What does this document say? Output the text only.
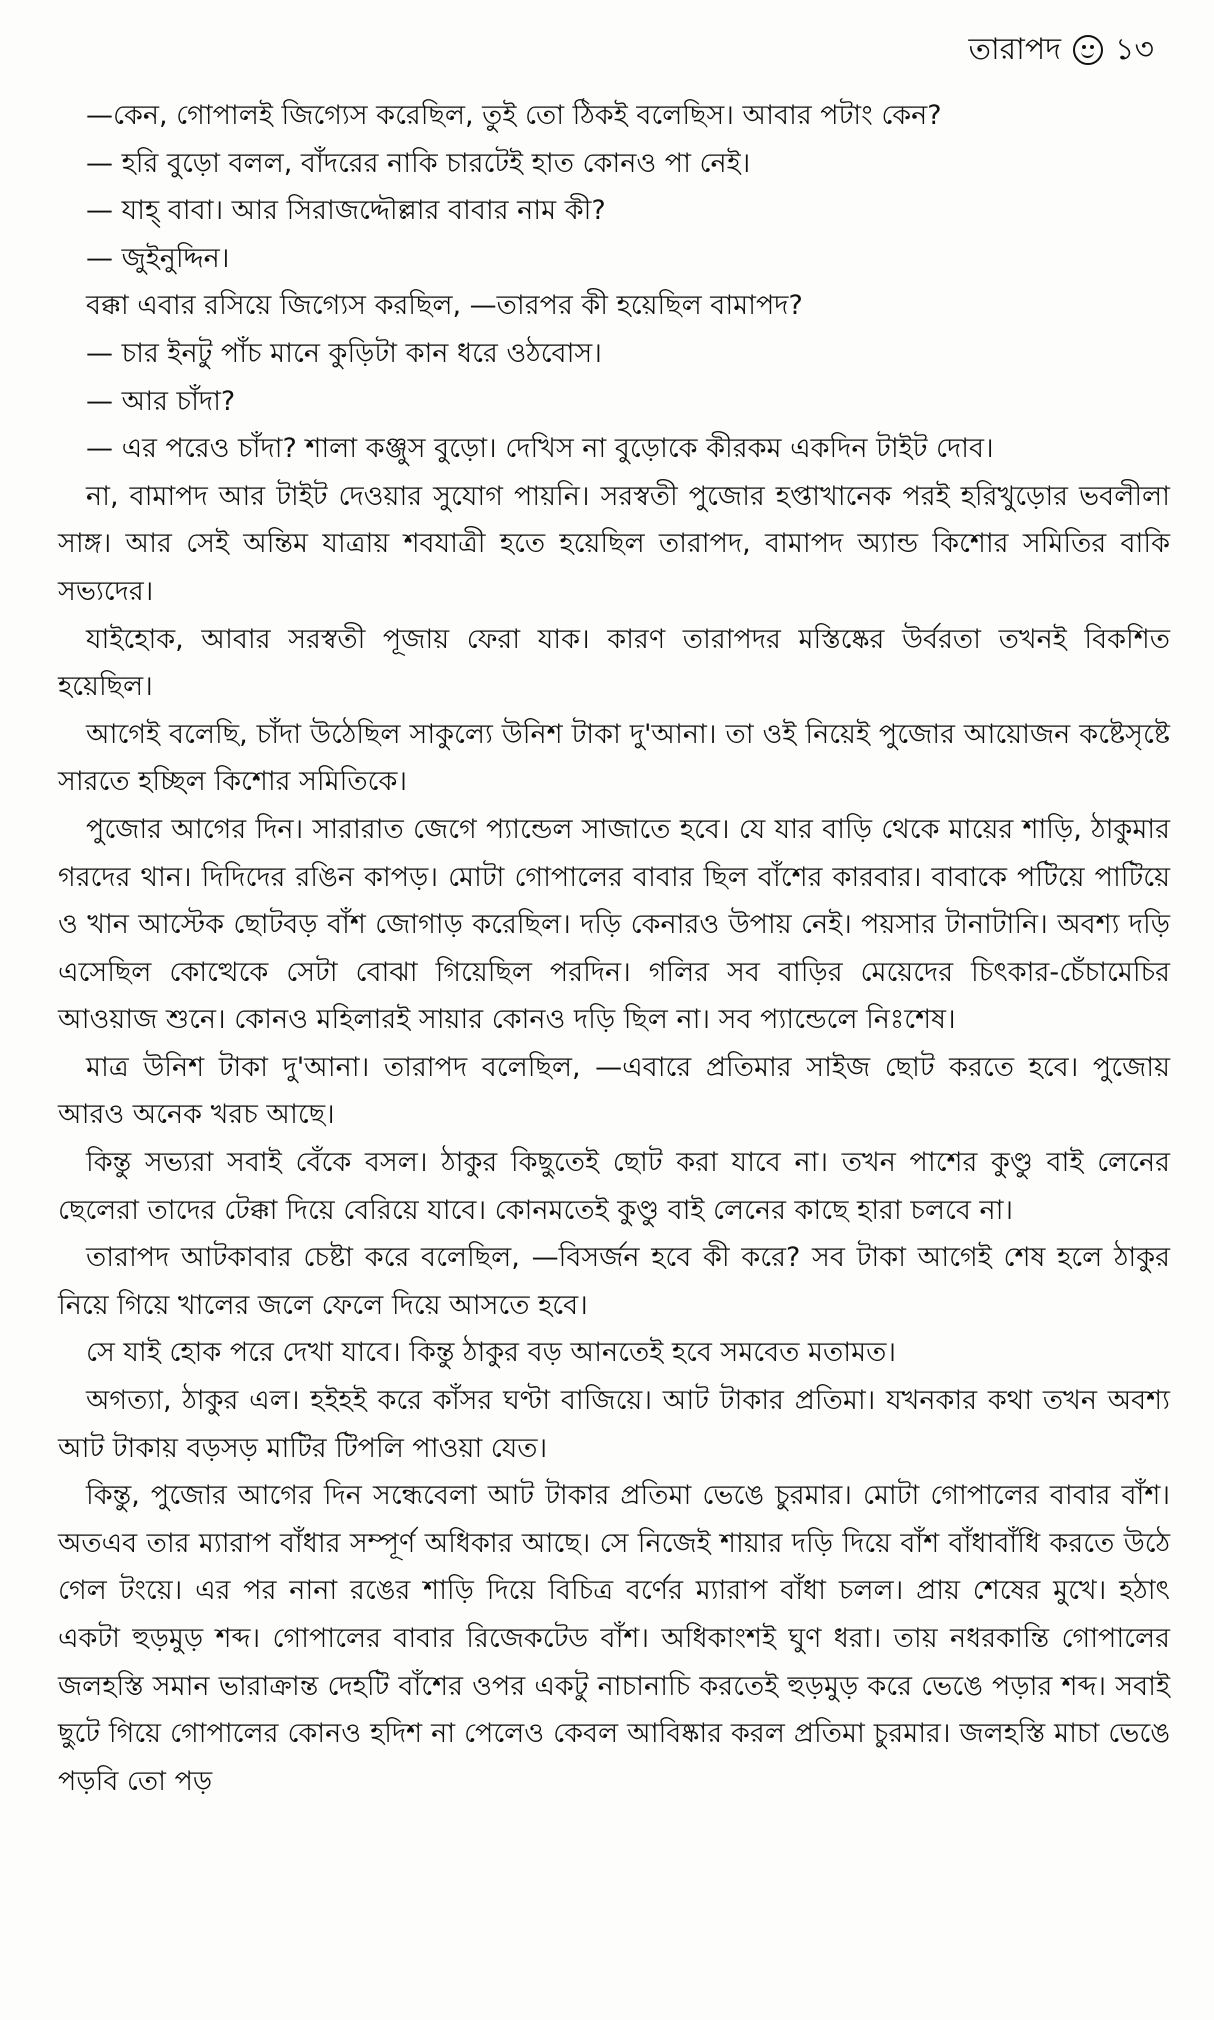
তারাপদ ১৩

—কেন, গোপালই জিগ্যেস করেছিল, তুই তো ঠিকই বলেছিস। আবার পটাং কেন?

— হরি বুড়ো বলল, বাঁদরের নাকি চারটেই হাত কোনও পা নেই।

— যাহ্ বাবা। আর সিরাজদ্দৌল্লার বাবার নাম কী?

— জুইনুদ্দিন।

বক্কা এবার রসিয়ে জিগ্যেস করছিল, —তারপর কী হয়েছিল বামাপদ?

— চার ইনটু পাঁচ মানে কুড়িটা কান ধরে ওঠবোস।

— আর চাঁদা?

— এর পরেও চাঁদা? শালা কঞ্জুস বুড়ো। দেখিস না বুড়োকে কীরকম একদিন টাইট দোব।

না, বামাপদ আর টাইট দেওয়ার সুযোগ পায়নি। সরস্বতী পুজোর হপ্তাখানেক পরই হরিখুড়োর ভবলীলা সাঙ্গ। আর সেই অন্তিম যাত্রায় শবযাত্রী হতে হয়েছিল তারাপদ, বামাপদ অ্যান্ড কিশোর সমিতির বাকি সভ্যদের।

যাইহোক, আবার সরস্বতী পূজায় ফেরা যাক। কারণ তারাপদর মস্তিষ্কের উর্বরতা তখনই বিকশিত হয়েছিল।

আগেই বলেছি, চাঁদা উঠেছিল সাকুল্যে উনিশ টাকা দু'আনা। তা ওই নিয়েই পুজোর আয়োজন কষ্টেসৃষ্টে সারতে হচ্ছিল কিশোর সমিতিকে।

পুজোর আগের দিন। সারারাত জেগে প্যান্ডেল সাজাতে হবে। যে যার বাড়ি থেকে মায়ের শাড়ি, ঠাকুমার গরদের থান। দিদিদের রঙিন কাপড়। মোটা গোপালের বাবার ছিল বাঁশের কারবার। বাবাকে পটিয়ে পাটিয়ে ও খান আস্টেক ছোটবড় বাঁশ জোগাড় করেছিল। দড়ি কেনারও উপায় নেই। পয়সার টানাটানি। অবশ্য দড়ি এসেছিল কোত্থেকে সেটা বোঝা গিয়েছিল পরদিন। গলির সব বাড়ির মেয়েদের চিৎকার-চেঁচামেচির আওয়াজ শুনে। কোনও মহিলারই সায়ার কোনও দড়ি ছিল না। সব প্যান্ডেলে নিঃশেষ।

মাত্র উনিশ টাকা দু'আনা। তারাপদ বলেছিল, —এবারে প্রতিমার সাইজ ছোট করতে হবে। পুজোয় আরও অনেক খরচ আছে।

কিন্তু সভ্যরা সবাই বেঁকে বসল। ঠাকুর কিছুতেই ছোট করা যাবে না। তখন পাশের কুণ্ডু বাই লেনের ছেলেরা তাদের টেক্কা দিয়ে বেরিয়ে যাবে। কোনমতেই কুণ্ডু বাই লেনের কাছে হারা চলবে না।

তারাপদ আটকাবার চেষ্টা করে বলেছিল, —বিসর্জন হবে কী করে? সব টাকা আগেই শেষ হলে ঠাকুর নিয়ে গিয়ে খালের জলে ফেলে দিয়ে আসতে হবে।

সে যাই হোক পরে দেখা যাবে। কিন্তু ঠাকুর বড় আনতেই হবে সমবেত মতামত।

অগত্যা, ঠাকুর এল। হইহই করে কাঁসর ঘণ্টা বাজিয়ে। আট টাকার প্রতিমা। যখনকার কথা তখন অবশ্য আট টাকায় বড়সড় মাটির টিপলি পাওয়া যেত।

কিন্তু, পুজোর আগের দিন সন্ধেবেলা আট টাকার প্রতিমা ভেঙে চুরমার। মোটা গোপালের বাবার বাঁশ। অতএব তার ম্যারাপ বাঁধার সম্পূর্ণ অধিকার আছে। সে নিজেই শায়ার দড়ি দিয়ে বাঁশ বাঁধাবাঁধি করতে উঠে গেল টংয়ে। এর পর নানা রঙের শাড়ি দিয়ে বিচিত্র বর্ণের ম্যারাপ বাঁধা চলল। প্রায় শেষের মুখে। হঠাৎ একটা হুড়মুড় শব্দ। গোপালের বাবার রিজেকটেড বাঁশ। অধিকাংশই ঘুণ ধরা। তায় নধরকান্তি গোপালের জলহস্তি সমান ভারাক্রান্ত দেহটি বাঁশের ওপর একটু নাচানাচি করতেই হুড়মুড় করে ভেঙে পড়ার শব্দ। সবাই ছুটে গিয়ে গোপালের কোনও হদিশ না পেলেও কেবল আবিষ্কার করল প্রতিমা চুরমার। জলহস্তি মাচা ভেঙে পড়বি তো পড়
